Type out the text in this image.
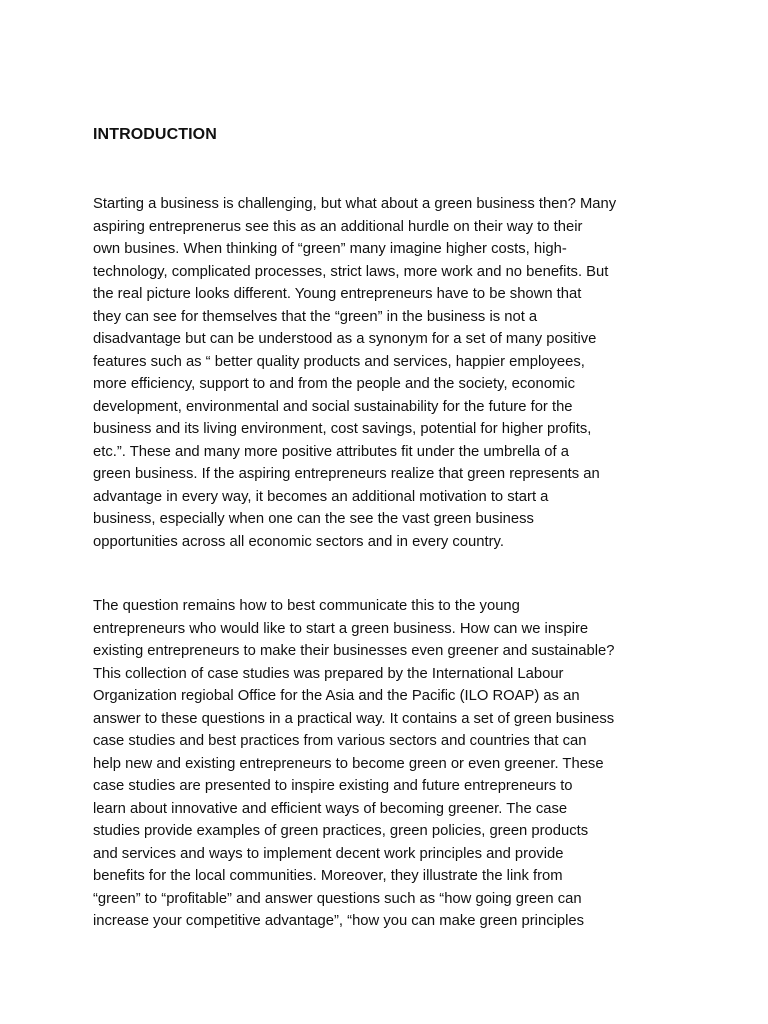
INTRODUCTION

Starting a business is challenging, but what about a green business then? Many
aspiring entreprenerus see this as an additional hurdle on their way to their
own busines. When thinking of “green” many imagine higher costs, high-
technology, complicated processes, strict laws, more work and no benefits. But
the real picture looks different. Young entrepreneurs have to be shown that
they can see for themselves that the “green” in the business is not a
disadvantage but can be understood as a synonym for a set of many positive
features such as “ better quality products and services, happier employees,
more efficiency, support to and from the people and the society, economic
development, environmental and social sustainability for the future for the
business and its living environment, cost savings, potential for higher profits,
etc.”. These and many more positive attributes fit under the umbrella of a
green business. If the aspiring entrepreneurs realize that green represents an
advantage in every way, it becomes an additional motivation to start a
business, especially when one can the see the vast green business
opportunities across all economic sectors and in every country.

The question remains how to best communicate this to the young
entrepreneurs who would like to start a green business. How can we inspire
existing entrepreneurs to make their businesses even greener and sustainable?
This collection of case studies was prepared by the International Labour
Organization regiobal Office for the Asia and the Pacific (ILO ROAP) as an
answer to these questions in a practical way. It contains a set of green business
case studies and best practices from various sectors and countries that can
help new and existing entrepreneurs to become green or even greener. These
case studies are presented to inspire existing and future entrepreneurs to
learn about innovative and efficient ways of becoming greener. The case
studies provide examples of green practices, green policies, green products
and services and ways to implement decent work principles and provide
benefits for the local communities. Moreover, they illustrate the link from
“green” to “profitable” and answer questions such as “how going green can
increase your competitive advantage”, “how you can make green principles
